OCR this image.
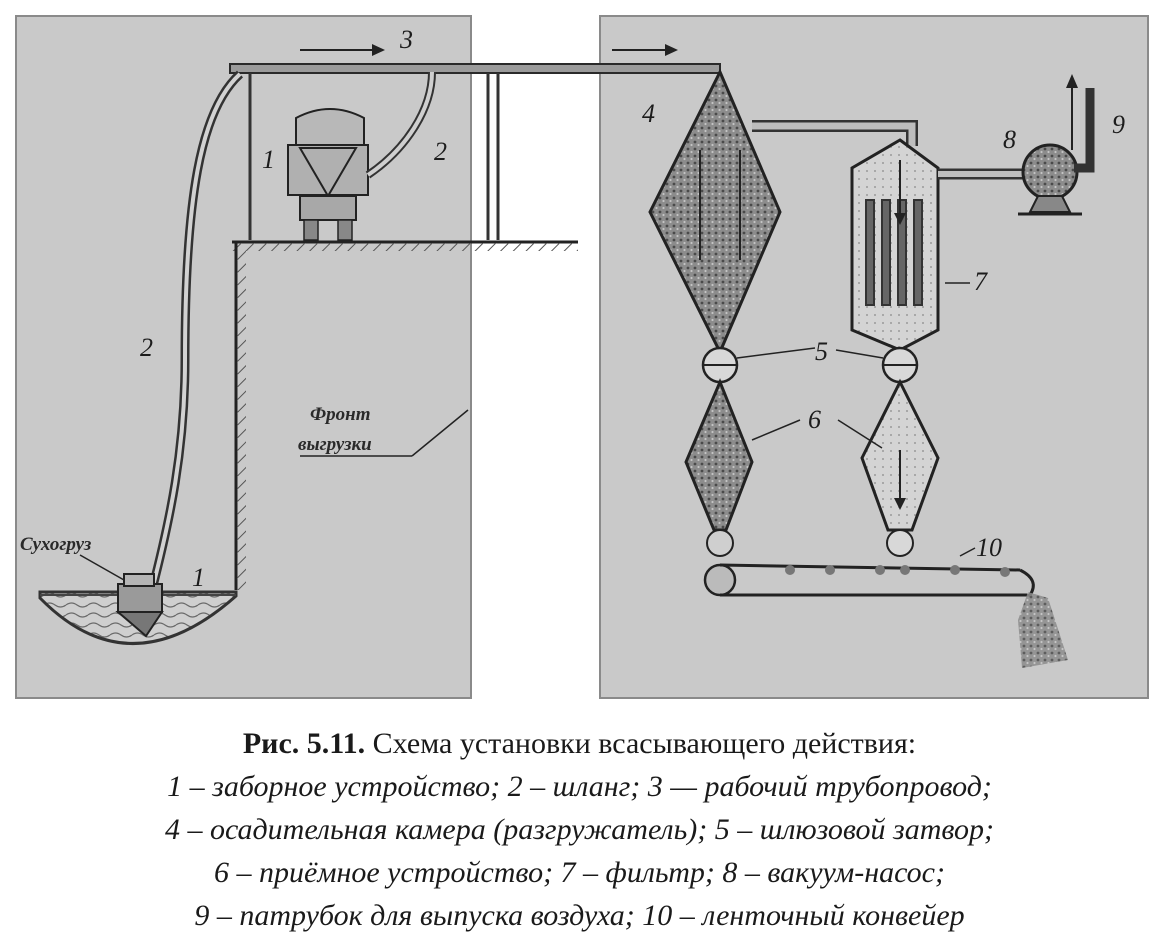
1
1
2
2
3
4
5
6
7
8
9
10
Сухогруз
Фронт
выгрузки
Рис. 5.11. Схема установки всасывающего действия:
1 – заборное устройство; 2 – шланг; 3 — рабочий трубопровод;
4 – осадительная камера (разгружатель); 5 – шлюзовой затвор;
6 – приёмное устройство; 7 – фильтр; 8 – вакуум-насос;
9 – патрубок для выпуска воздуха; 10 – ленточный конвейер
